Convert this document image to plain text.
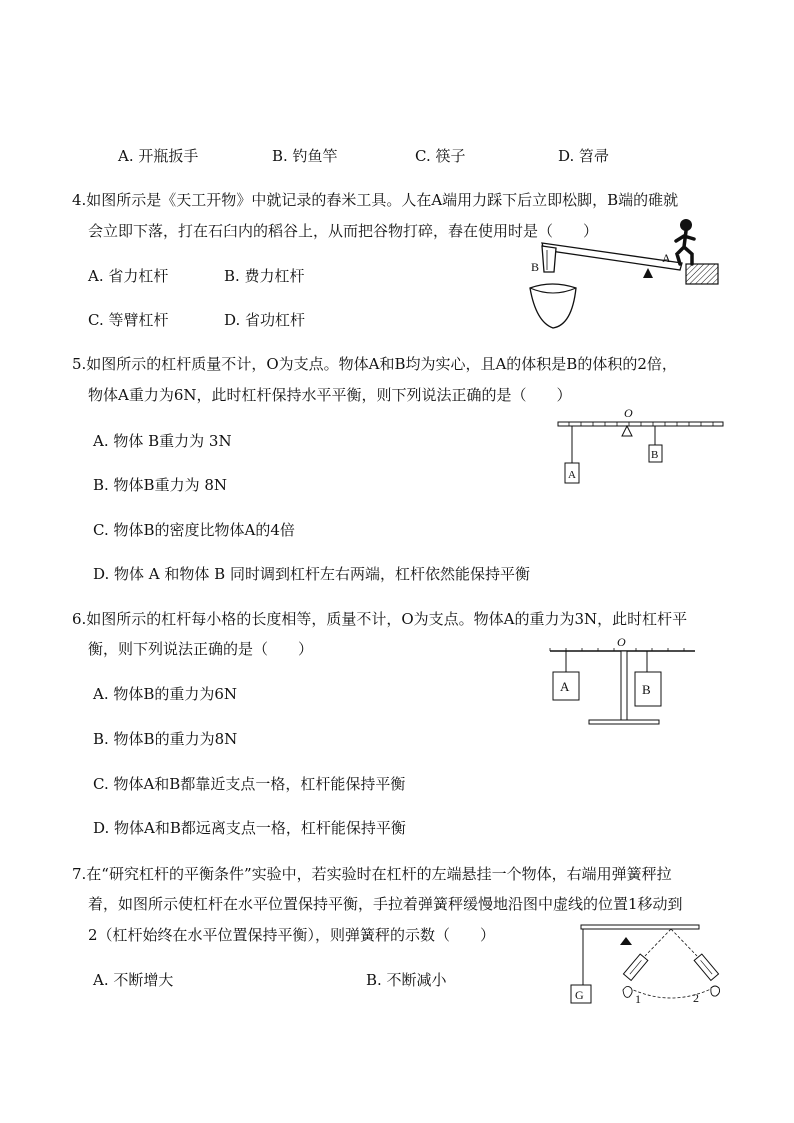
A. 开瓶扳手	B. 钓鱼竿	C. 筷子	D. 笤帚
4.如图所示是《天工开物》中就记录的舂米工具。人在A端用力踩下后立即松脚，B端的碓就
会立即下落，打在石臼内的稻谷上，从而把谷物打碎，舂在使用时是（　　）
A. 省力杠杆	B. 费力杠杆
C. 等臂杠杆	D. 省功杠杆
B
A
5.如图所示的杠杆质量不计，O为支点。物体A和B均为实心，且A的体积是B的体积的2倍，
物体A重力为6N，此时杠杆保持水平平衡，则下列说法正确的是（　　）
A. 物体 B重力为 3N
B. 物体B重力为 8N
C. 物体B的密度比物体A的4倍
D. 物体 A 和物体 B 同时调到杠杆左右两端，杠杆依然能保持平衡
O
A
B
6.如图所示的杠杆每小格的长度相等，质量不计，O为支点。物体A的重力为3N，此时杠杆平
衡，则下列说法正确的是（　　）
A. 物体B的重力为6N
B. 物体B的重力为8N
C. 物体A和B都靠近支点一格，杠杆能保持平衡
D. 物体A和B都远离支点一格，杠杆能保持平衡
O
A	B
7.在“研究杠杆的平衡条件”实验中，若实验时在杠杆的左端悬挂一个物体，右端用弹簧秤拉
着，如图所示使杠杆在水平位置保持平衡，手拉着弹簧秤缓慢地沿图中虚线的位置1移动到
2（杠杆始终在水平位置保持平衡），则弹簧秤的示数（　　）
A. 不断增大	B. 不断减小
G	1	2
